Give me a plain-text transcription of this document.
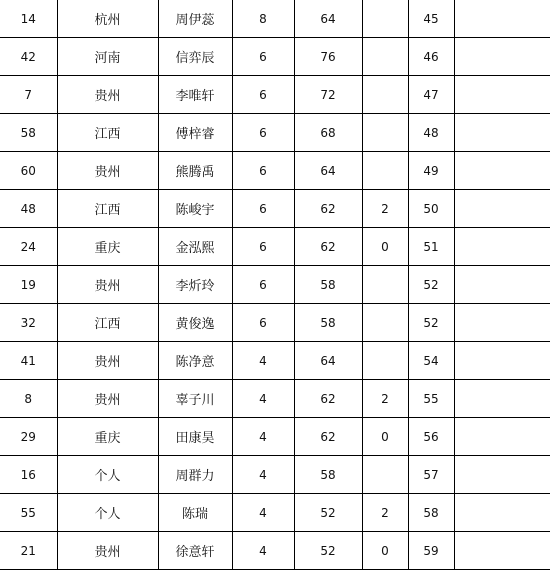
14	杭州	周伊蕊	8	64		45	
42	河南	信弈辰	6	76		46	
7	贵州	李唯轩	6	72		47	
58	江西	傅梓睿	6	68		48	
60	贵州	熊腾禹	6	64		49	
48	江西	陈峻宇	6	62	2	50	
24	重庆	金泓熙	6	62	0	51	
19	贵州	李炘玲	6	58		52	
32	江西	黄俊逸	6	58		52	
41	贵州	陈净意	4	64		54	
8	贵州	辜子川	4	62	2	55	
29	重庆	田康昊	4	62	0	56	
16	个人	周群力	4	58		57	
55	个人	陈瑞	4	52	2	58	
21	贵州	徐意轩	4	52	0	59	
